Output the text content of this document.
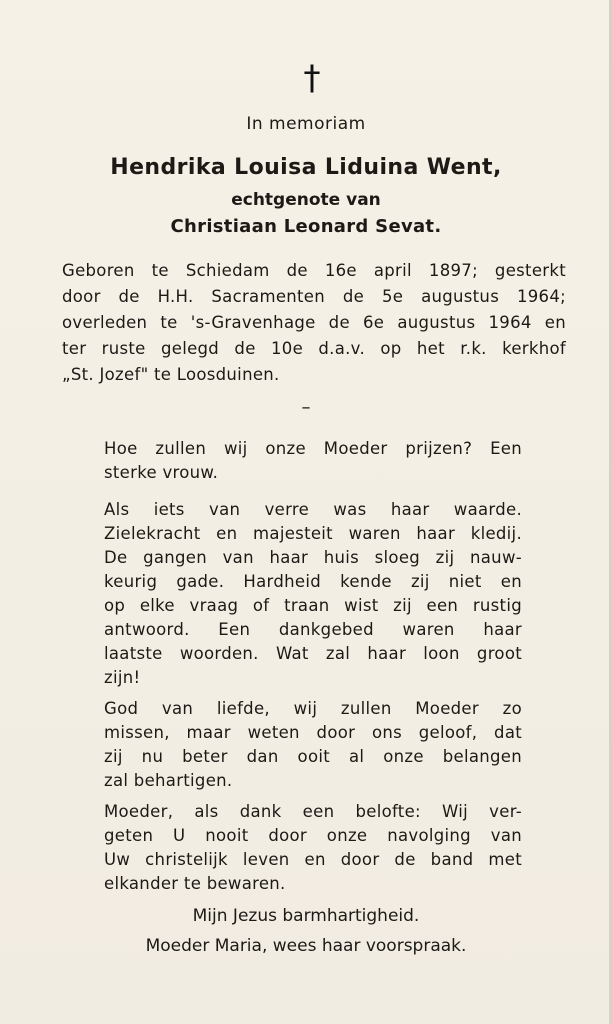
†
In memoriam
Hendrika Louisa Liduina Went,
echtgenote van
Christiaan Leonard Sevat.
Geboren te Schiedam de 16e april 1897; gesterkt
door de H.H. Sacramenten de 5e augustus 1964;
overleden te 's-Gravenhage de 6e augustus 1964 en
ter ruste gelegd de 10e d.a.v. op het r.k. kerkhof
„St. Jozef" te Loosduinen.
–
Hoe zullen wij onze Moeder prijzen? Een
sterke vrouw.
Als iets van verre was haar waarde.
Zielekracht en majesteit waren haar kledij.
De gangen van haar huis sloeg zij nauw-
keurig gade. Hardheid kende zij niet en
op elke vraag of traan wist zij een rustig
antwoord. Een dankgebed waren haar
laatste woorden. Wat zal haar loon groot
zijn!
God van liefde, wij zullen Moeder zo
missen, maar weten door ons geloof, dat
zij nu beter dan ooit al onze belangen
zal behartigen.
Moeder, als dank een belofte: Wij ver-
geten U nooit door onze navolging van
Uw christelijk leven en door de band met
elkander te bewaren.
Mijn Jezus barmhartigheid.
Moeder Maria, wees haar voorspraak.
